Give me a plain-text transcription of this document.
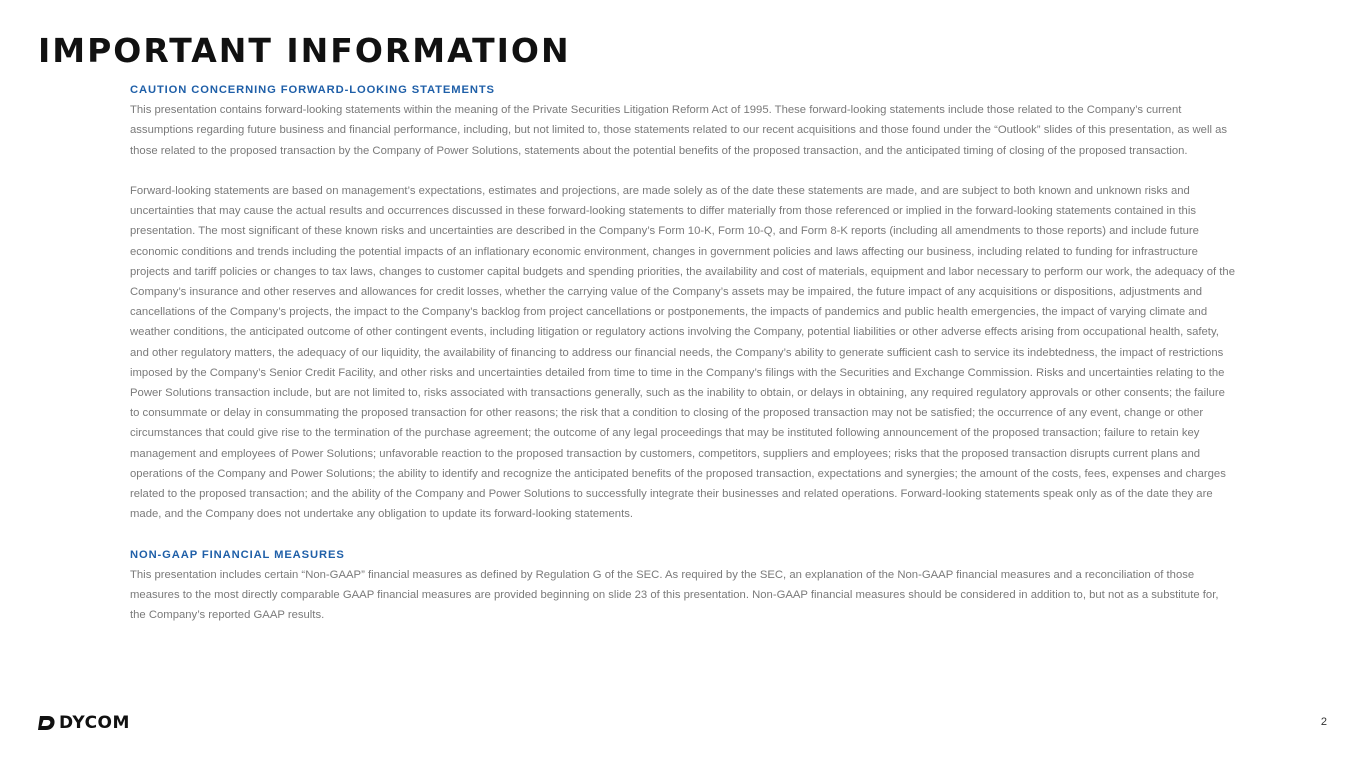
IMPORTANT INFORMATION
CAUTION CONCERNING FORWARD-LOOKING STATEMENTS

This presentation contains forward-looking statements within the meaning of the Private Securities Litigation Reform Act of 1995. These forward-looking statements include those related to the Company’s current assumptions regarding future business and financial performance, including, but not limited to, those statements related to our recent acquisitions and those found under the “Outlook” slides of this presentation, as well as those related to the proposed transaction by the Company of Power Solutions, statements about the potential benefits of the proposed transaction, and the anticipated timing of closing of the proposed transaction.

Forward-looking statements are based on management’s expectations, estimates and projections, are made solely as of the date these statements are made, and are subject to both known and unknown risks and uncertainties that may cause the actual results and occurrences discussed in these forward-looking statements to differ materially from those referenced or implied in the forward-looking statements contained in this presentation. The most significant of these known risks and uncertainties are described in the Company’s Form 10-K, Form 10-Q, and Form 8-K reports (including all amendments to those reports) and include future economic conditions and trends including the potential impacts of an inflationary economic environment, changes in government policies and laws affecting our business, including related to funding for infrastructure projects and tariff policies or changes to tax laws, changes to customer capital budgets and spending priorities, the availability and cost of materials, equipment and labor necessary to perform our work, the adequacy of the Company’s insurance and other reserves and allowances for credit losses, whether the carrying value of the Company’s assets may be impaired, the future impact of any acquisitions or dispositions, adjustments and cancellations of the Company’s projects, the impact to the Company’s backlog from project cancellations or postponements, the impacts of pandemics and public health emergencies, the impact of varying climate and weather conditions, the anticipated outcome of other contingent events, including litigation or regulatory actions involving the Company, potential liabilities or other adverse effects arising from occupational health, safety, and other regulatory matters, the adequacy of our liquidity, the availability of financing to address our financial needs, the Company’s ability to generate sufficient cash to service its indebtedness, the impact of restrictions imposed by the Company’s Senior Credit Facility, and other risks and uncertainties detailed from time to time in the Company’s filings with the Securities and Exchange Commission. Risks and uncertainties relating to the Power Solutions transaction include, but are not limited to, risks associated with transactions generally, such as the inability to obtain, or delays in obtaining, any required regulatory approvals or other consents; the failure to consummate or delay in consummating the proposed transaction for other reasons; the risk that a condition to closing of the proposed transaction may not be satisfied; the occurrence of any event, change or other circumstances that could give rise to the termination of the purchase agreement; the outcome of any legal proceedings that may be instituted following announcement of the proposed transaction; failure to retain key management and employees of Power Solutions; unfavorable reaction to the proposed transaction by customers, competitors, suppliers and employees; risks that the proposed transaction disrupts current plans and operations of the Company and Power Solutions; the ability to identify and recognize the anticipated benefits of the proposed transaction, expectations and synergies; the amount of the costs, fees, expenses and charges related to the proposed transaction; and the ability of the Company and Power Solutions to successfully integrate their businesses and related operations. Forward-looking statements speak only as of the date they are made, and the Company does not undertake any obligation to update its forward-looking statements.

NON-GAAP FINANCIAL MEASURES

This presentation includes certain “Non-GAAP” financial measures as defined by Regulation G of the SEC. As required by the SEC, an explanation of the Non-GAAP financial measures and a reconciliation of those measures to the most directly comparable GAAP financial measures are provided beginning on slide 23 of this presentation. Non-GAAP financial measures should be considered in addition to, but not as a substitute for, the Company’s reported GAAP results.

DYCOM	2
